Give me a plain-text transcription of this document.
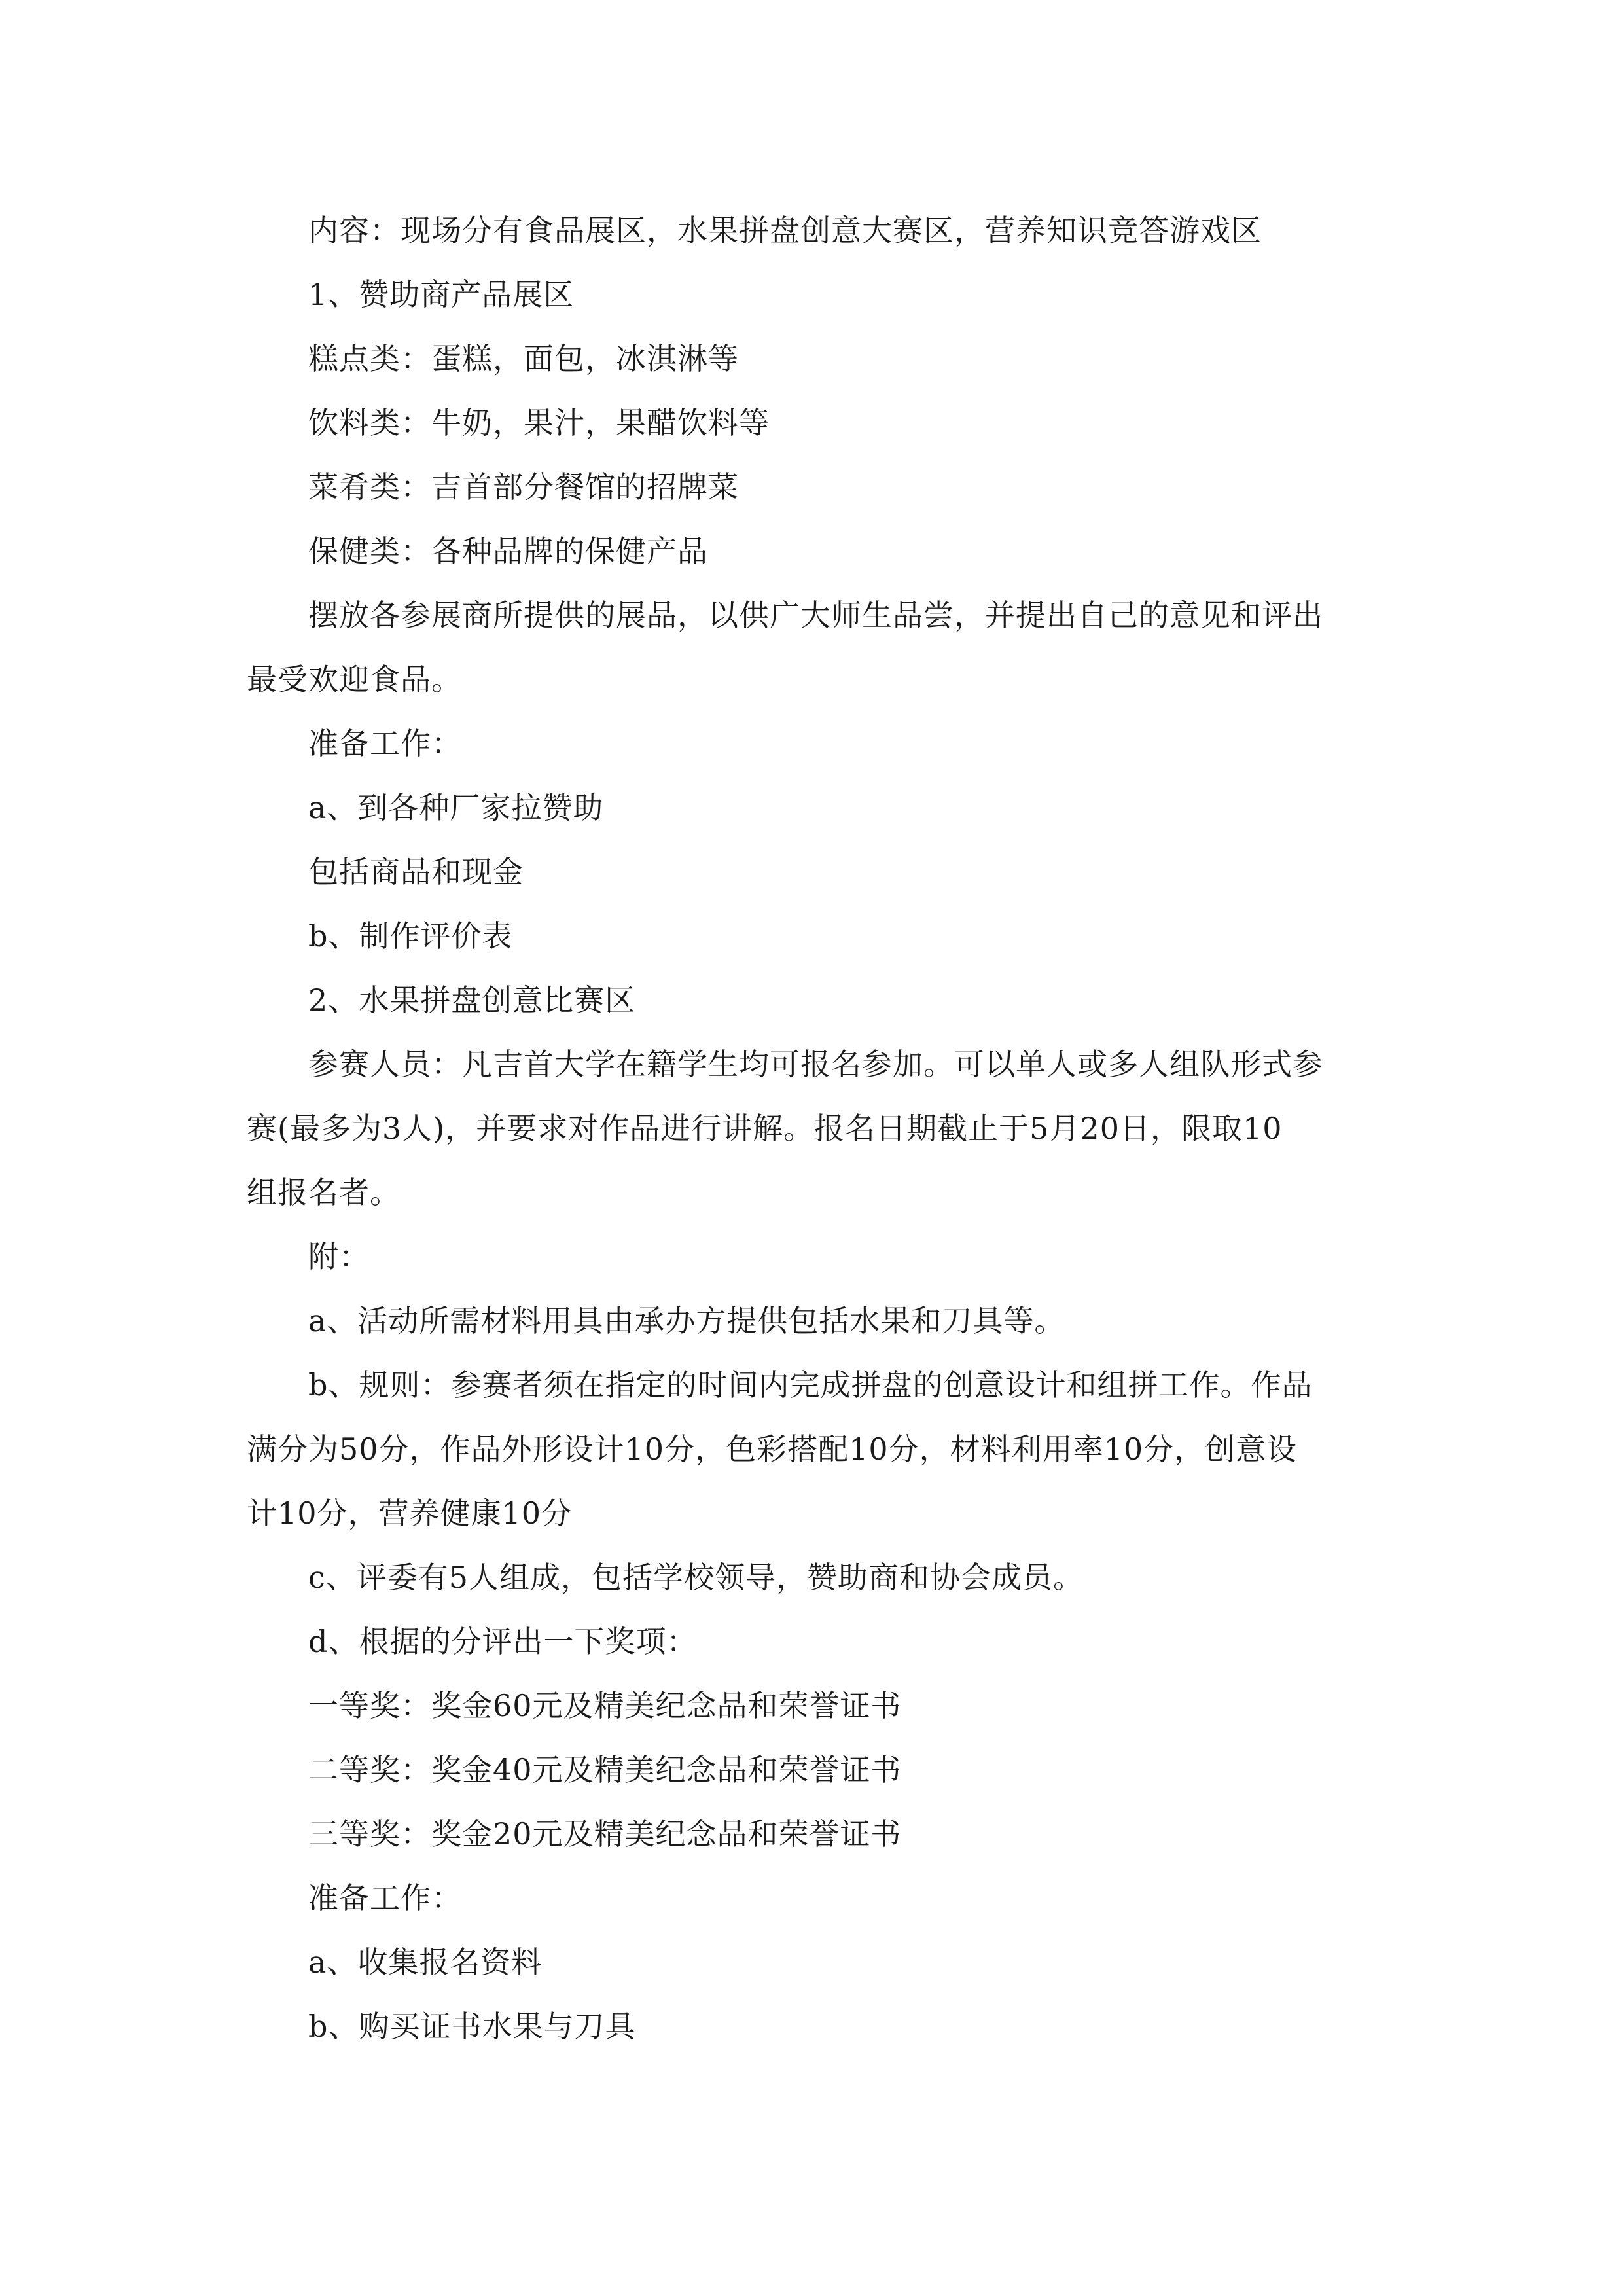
内容：现场分有食品展区，水果拼盘创意大赛区，营养知识竞答游戏区
1、赞助商产品展区
糕点类：蛋糕，面包，冰淇淋等
饮料类：牛奶，果汁，果醋饮料等
菜肴类：吉首部分餐馆的招牌菜
保健类：各种品牌的保健产品
摆放各参展商所提供的展品，以供广大师生品尝，并提出自己的意见和评出
最受欢迎食品。
准备工作：
a、到各种厂家拉赞助
包括商品和现金
b、制作评价表
2、水果拼盘创意比赛区
参赛人员：凡吉首大学在籍学生均可报名参加。可以单人或多人组队形式参
赛(最多为3人)，并要求对作品进行讲解。报名日期截止于5月20日，限取10
组报名者。
附：
a、活动所需材料用具由承办方提供包括水果和刀具等。
b、规则：参赛者须在指定的时间内完成拼盘的创意设计和组拼工作。作品
满分为50分，作品外形设计10分，色彩搭配10分，材料利用率10分，创意设
计10分，营养健康10分
c、评委有5人组成，包括学校领导，赞助商和协会成员。
d、根据的分评出一下奖项：
一等奖：奖金60元及精美纪念品和荣誉证书
二等奖：奖金40元及精美纪念品和荣誉证书
三等奖：奖金20元及精美纪念品和荣誉证书
准备工作：
a、收集报名资料
b、购买证书水果与刀具
